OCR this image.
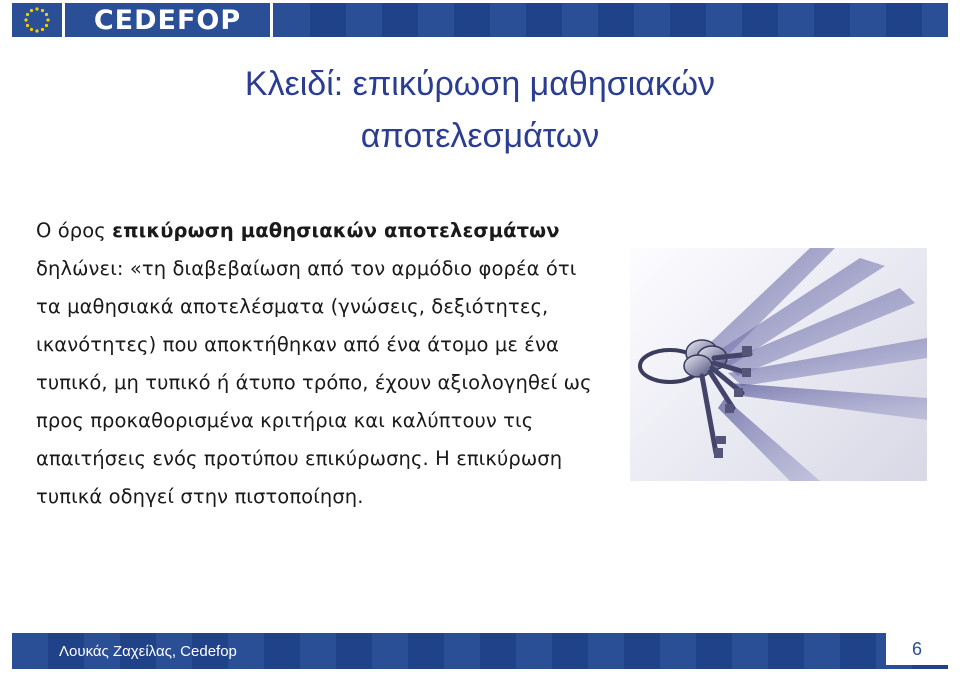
CEDEFOP
Κλειδί: επικύρωση μαθησιακών
αποτελεσμάτων
Ο όρος επικύρωση μαθησιακών αποτελεσμάτων δηλώνει: «τη διαβεβαίωση από τον αρμόδιο φορέα ότι τα μαθησιακά αποτελέσματα (γνώσεις, δεξιότητες, ικανότητες) που αποκτήθηκαν από ένα άτομο με ένα τυπικό, μη τυπικό ή άτυπο τρόπο, έχουν αξιολογηθεί ως προς προκαθορισμένα κριτήρια και καλύπτουν τις απαιτήσεις ενός προτύπου επικύρωσης. Η επικύρωση τυπικά οδηγεί στην πιστοποίηση.
Λουκάς Ζαχείλας, Cedefop	6
